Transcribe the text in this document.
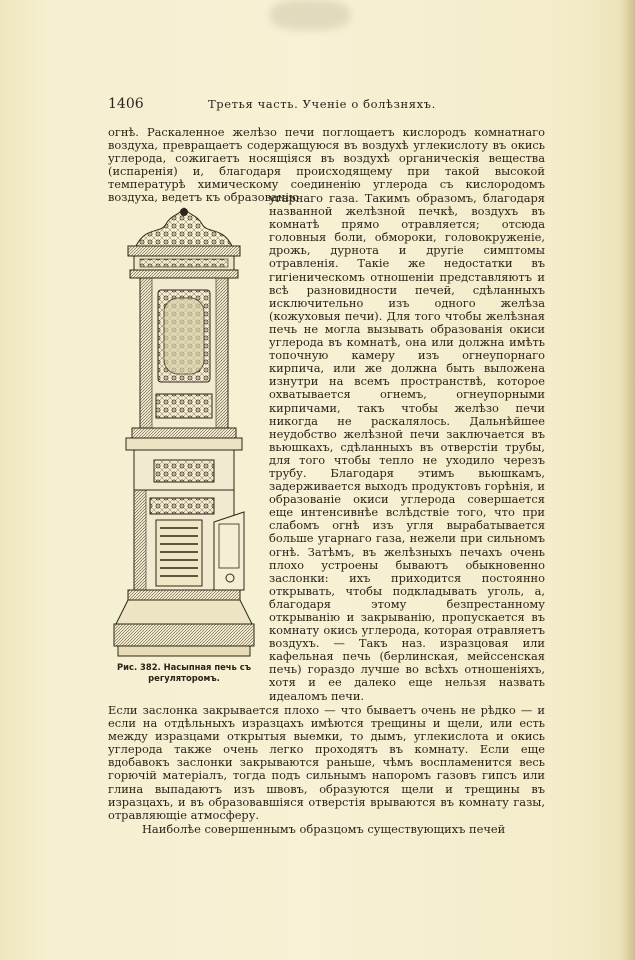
1406	Третья часть. Ученіе о болѣзняхъ.

огнѣ. Раскаленное желѣзо печи поглощаетъ кислородъ комнатнаго воздуха, превращаетъ содержащуюся въ воздухѣ углекислоту въ окись углерода, сожигаетъ носящіяся въ воздухѣ органическія вещества (испаренія) и, благодаря происходящему при такой высокой температурѣ химическому соединенію углерода съ кислородомъ воздуха, ведетъ къ образованію

Рис. 382. Насыпная печь съ регуляторомъ.

угарнаго газа. Такимъ образомъ, благодаря названной желѣзной печкѣ, воздухъ въ комнатѣ прямо отравляется; отсюда головныя боли, обмороки, головокруженіе, дрожь, дурнота и другіе симптомы отравленія. Такіе же недостатки въ гигіеническомъ отношеніи представляютъ и всѣ разновидности печей, сдѣланныхъ исключительно изъ одного желѣза (кожуховыя печи). Для того чтобы желѣзная печь не могла вызывать образованія окиси углерода въ комнатѣ, она или должна имѣть топочную камеру изъ огнеупорнаго кирпича, или же должна быть выложена изнутри на всемъ пространствѣ, которое охватывается огнемъ, огнеупорными кирпичами, такъ чтобы желѣзо печи никогда не раскалялось. Дальнѣйшее неудобство желѣзной печи заключается въ вьюшкахъ, сдѣланныхъ въ отверстіи трубы, для того чтобы тепло не уходило черезъ трубу. Благодаря этимъ вьюшкамъ, задерживается выходъ продуктовъ горѣнія, и образованіе окиси углерода совершается еще интенсивнѣе вслѣдствіе того, что при слабомъ огнѣ изъ угля вырабатывается больше угарнаго газа, нежели при сильномъ огнѣ. Затѣмъ, въ желѣзныхъ печахъ очень плохо устроены бываютъ обыкновенно заслонки: ихъ приходится постоянно открывать, чтобы подкладывать уголь, а, благодаря этому безпрестанному открыванію и закрыванію, пропускается въ комнату окись углерода, которая отравляетъ воздухъ. — Такъ наз. изразцовая или кафельная печь (берлинская, мейссенская печь) гораздо лучше во всѣхъ отношеніяхъ, хотя и ее далеко еще нельзя назвать идеаломъ печи.

Если заслонка закрывается плохо — что бываетъ очень не рѣдко — и если на отдѣльныхъ изразцахъ имѣются трещины и щели, или есть между изразцами открытыя выемки, то дымъ, углекислота и окись углерода также очень легко проходятъ въ комнату. Если еще вдобавокъ заслонки закрываются раньше, чѣмъ воспламенится весь горючій матеріалъ, тогда подъ сильнымъ напоромъ газовъ гипсъ или глина выпадаютъ изъ швовъ, образуются щели и трещины въ изразцахъ, и въ образовавшіяся отверстія врываются въ комнату газы, отравляющіе атмосферу.

Наиболѣе совершеннымъ образцомъ существующихъ печей
